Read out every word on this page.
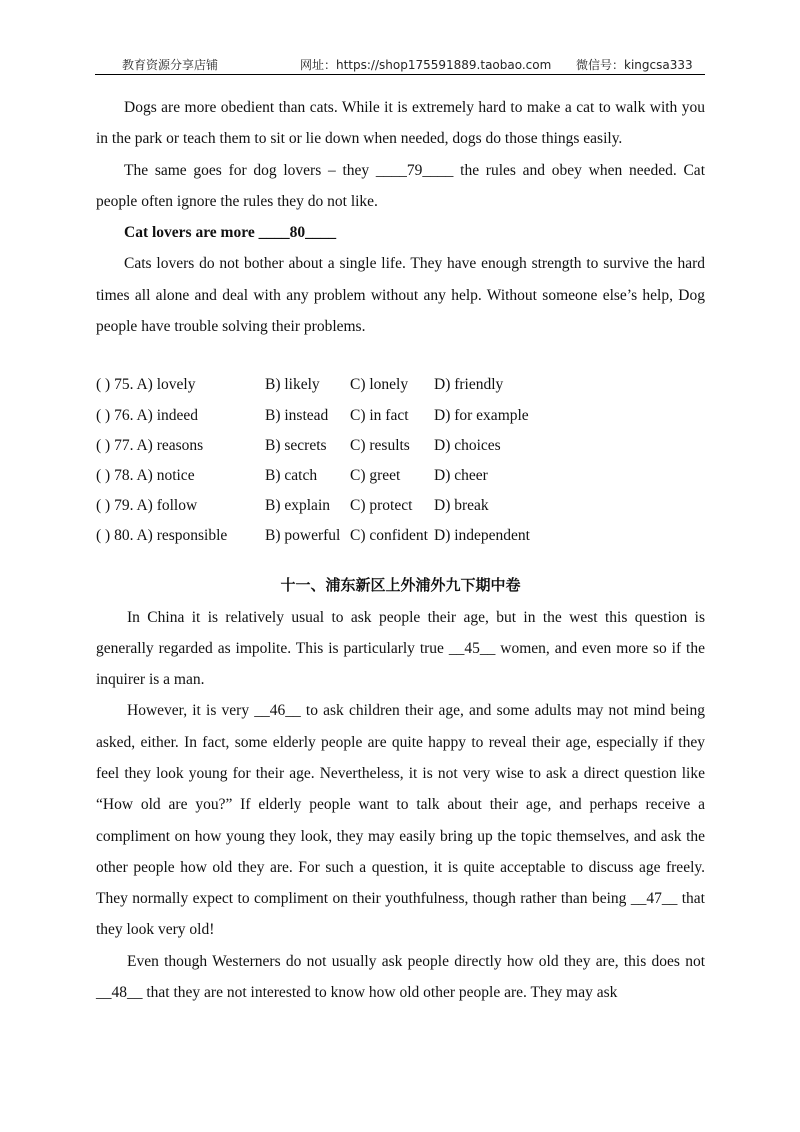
教育资源分享店铺	网址：https://shop175591889.taobao.com 微信号：kingcsa333

Dogs are more obedient than cats. While it is extremely hard to make a cat to walk with you in the park or teach them to sit or lie down when needed, dogs do those things easily.

The same goes for dog lovers – they ____79____ the rules and obey when needed. Cat people often ignore the rules they do not like.

Cat lovers are more ____80____

Cats lovers do not bother about a single life. They have enough strength to survive the hard times all alone and deal with any problem without any help. Without someone else’s help, Dog people have trouble solving their problems.

( ) 75. A) lovely	B) likely C) lonely D) friendly
( ) 76. A) indeed	B) instead C) in fact D) for example
( ) 77. A) reasons	B) secrets C) results D) choices
( ) 78. A) notice	B) catch C) greet D) cheer
( ) 79. A) follow	B) explain C) protect D) break
( ) 80. A) responsible B) powerful C) confident D) independent
十一、浦东新区上外浦外九下期中卷

In China it is relatively usual to ask people their age, but in the west this question is generally regarded as impolite. This is particularly true __45__ women, and even more so if the inquirer is a man.

However, it is very __46__ to ask children their age, and some adults may not mind being asked, either. In fact, some elderly people are quite happy to reveal their age, especially if they feel they look young for their age. Nevertheless, it is not very wise to ask a direct question like “How old are you?” If elderly people want to talk about their age, and perhaps receive a compliment on how young they look, they may easily bring up the topic themselves, and ask the other people how old they are. For such a question, it is quite acceptable to discuss age freely. They normally expect to compliment on their youthfulness, though rather than being __47__ that they look very old!

Even though Westerners do not usually ask people directly how old they are, this does not __48__ that they are not interested to know how old other people are. They may ask
